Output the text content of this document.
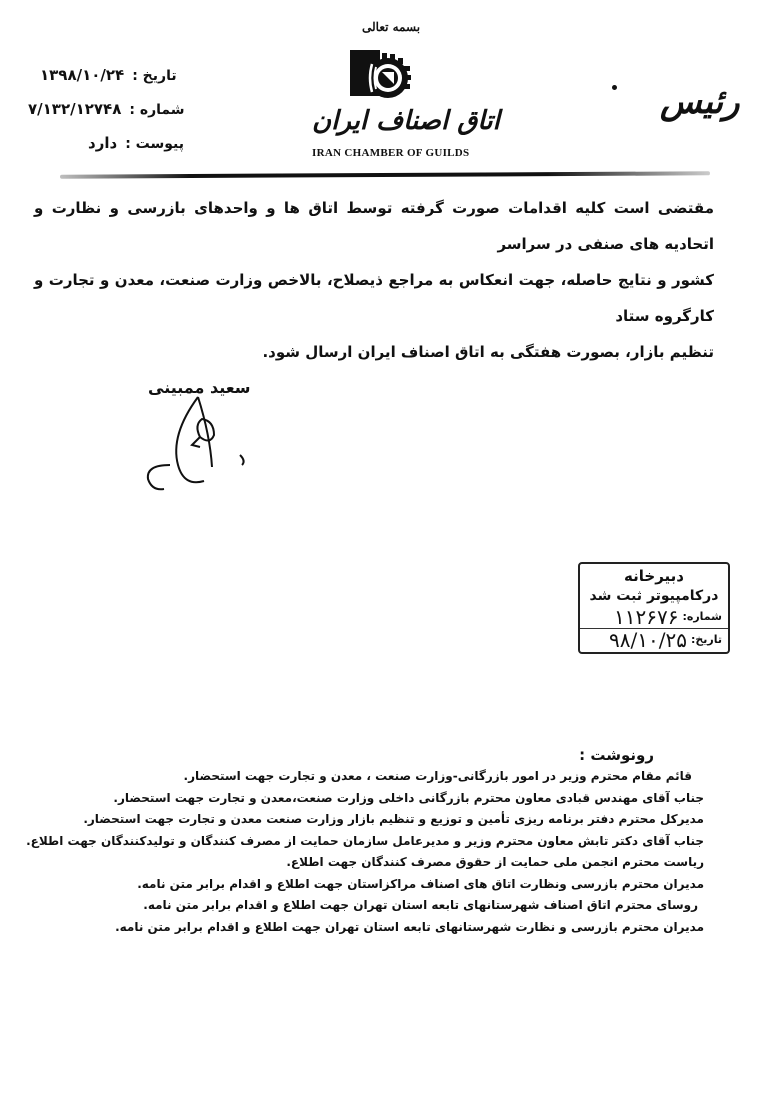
تاریخ :
۱۳۹۸/۱۰/۲۴
شماره :
۷/۱۳۲/۱۲۷۴۸
پیوست :
دارد
بسمه تعالی
اتاق اصناف ایران
IRAN CHAMBER OF GUILDS
رئیس
مقتضی است کلیه اقدامات صورت گرفته توسط اتاق ها و واحدهای بازرسی و نظارت و اتحادیه های صنفی در سراسر
کشور و نتایج حاصله، جهت انعکاس به مراجع ذیصلاح، بالاخص وزارت صنعت، معدن و تجارت و کارگروه ستاد
تنظیم بازار، بصورت هفتگی به اتاق اصناف ایران ارسال شود.
سعید ممبینی
دبیرخانه
درکامپیوتر ثبت شد
شماره:
۱۱۲۶۷۶
تاریخ:
۹۸/۱۰/۲۵
رونوشت :
قائم مقام محترم وزیر در امور بازرگانی-وزارت صنعت ، معدن و تجارت جهت استحضار.
جناب آقای مهندس قبادی معاون محترم بازرگانی داخلی وزارت صنعت،معدن و تجارت جهت استحضار.
مدیرکل محترم دفتر برنامه ریزی تأمین و توزیع و تنظیم بازار وزارت صنعت معدن و تجارت جهت استحضار.
جناب آقای دکتر تابش معاون محترم وزیر و مدیرعامل سازمان حمایت از مصرف کنندگان و تولیدکنندگان جهت اطلاع.
ریاست محترم انجمن ملی حمایت از حقوق مصرف کنندگان جهت اطلاع.
مدیران محترم بازرسی ونظارت اتاق های اصناف مراکزاستان جهت اطلاع و اقدام برابر متن نامه.
روسای محترم اتاق اصناف شهرستانهای تابعه استان تهران جهت اطلاع و اقدام برابر متن نامه.
مدیران محترم بازرسی و نظارت شهرستانهای تابعه استان تهران جهت اطلاع و اقدام برابر متن نامه.
